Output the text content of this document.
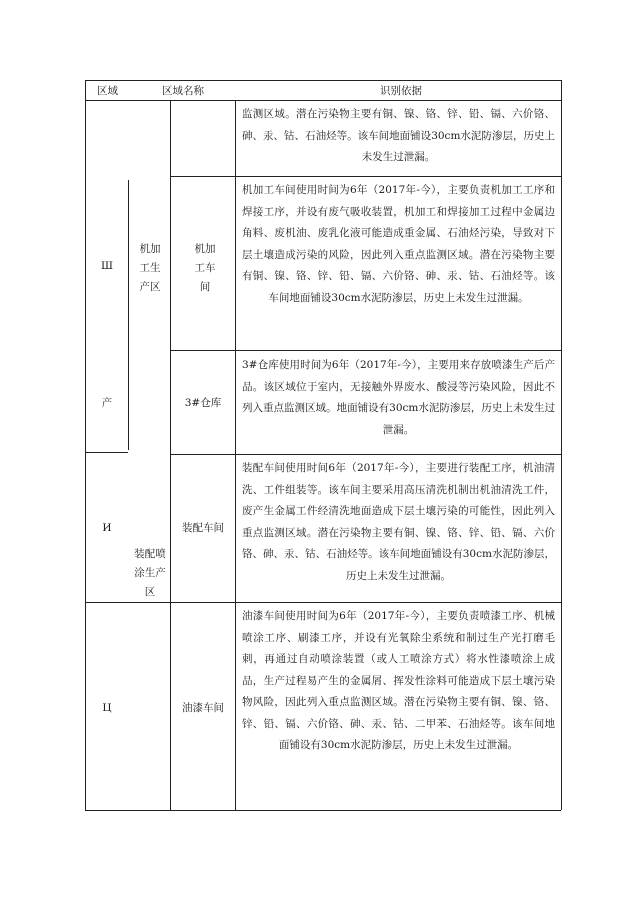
区域	区域名称	识别依据

监测区域。潜在污染物主要有铜、镍、铬、锌、铅、镉、六价铬、砷、汞、钴、石油烃等。该车间地面铺设30cm水泥防渗层，历史上未发生过泄漏。

Ш
产
И
Ц
机加工生产区
装配喷涂生产区
机加工车间

机加工车间使用时间为6年（2017年-今），主要负责机加工工序和焊接工序，并设有废气吸收装置，机加工和焊接加工过程中金属边角料、废机油、废乳化液可能造成重金属、石油烃污染，导致对下层土壤造成污染的风险，因此列入重点监测区域。潜在污染物主要有铜、镍、铬、锌、铅、镉、六价铬、砷、汞、钴、石油烃等。该车间地面铺设30cm水泥防渗层，历史上未发生过泄漏。

3#仓库

3#仓库使用时间为6年（2017年-今），主要用来存放喷漆生产后产品。该区域位于室内，无接触外界废水、酸浸等污染风险，因此不列入重点监测区域。地面铺设有30cm水泥防渗层，历史上未发生过泄漏。

装配车间

装配车间使用时间6年（2017年-今），主要进行装配工序，机油清洗、工件组装等。该车间主要采用高压清洗机制出机油清洗工件，废产生金属工件经清洗地面造成下层土壤污染的可能性，因此列入重点监测区域。潜在污染物主要有铜、镍、铬、锌、铅、镉、六价铬、砷、汞、钴、石油烃等。该车间地面铺设有30cm水泥防渗层，历史上未发生过泄漏。

油漆车间

油漆车间使用时间为6年（2017年-今），主要负责喷漆工序、机械喷涂工序、刷漆工序，并设有光氧除尘系统和制过生产光打磨毛刺，再通过自动喷涂装置（或人工喷涂方式）将水性漆喷涂上成品，生产过程易产生的金属屑、挥发性涂料可能造成下层土壤污染物风险，因此列入重点监测区域。潜在污染物主要有铜、镍、铬、锌、铅、镉、六价铬、砷、汞、钴、二甲苯、石油烃等。该车间地面铺设有30cm水泥防渗层，历史上未发生过泄漏。
